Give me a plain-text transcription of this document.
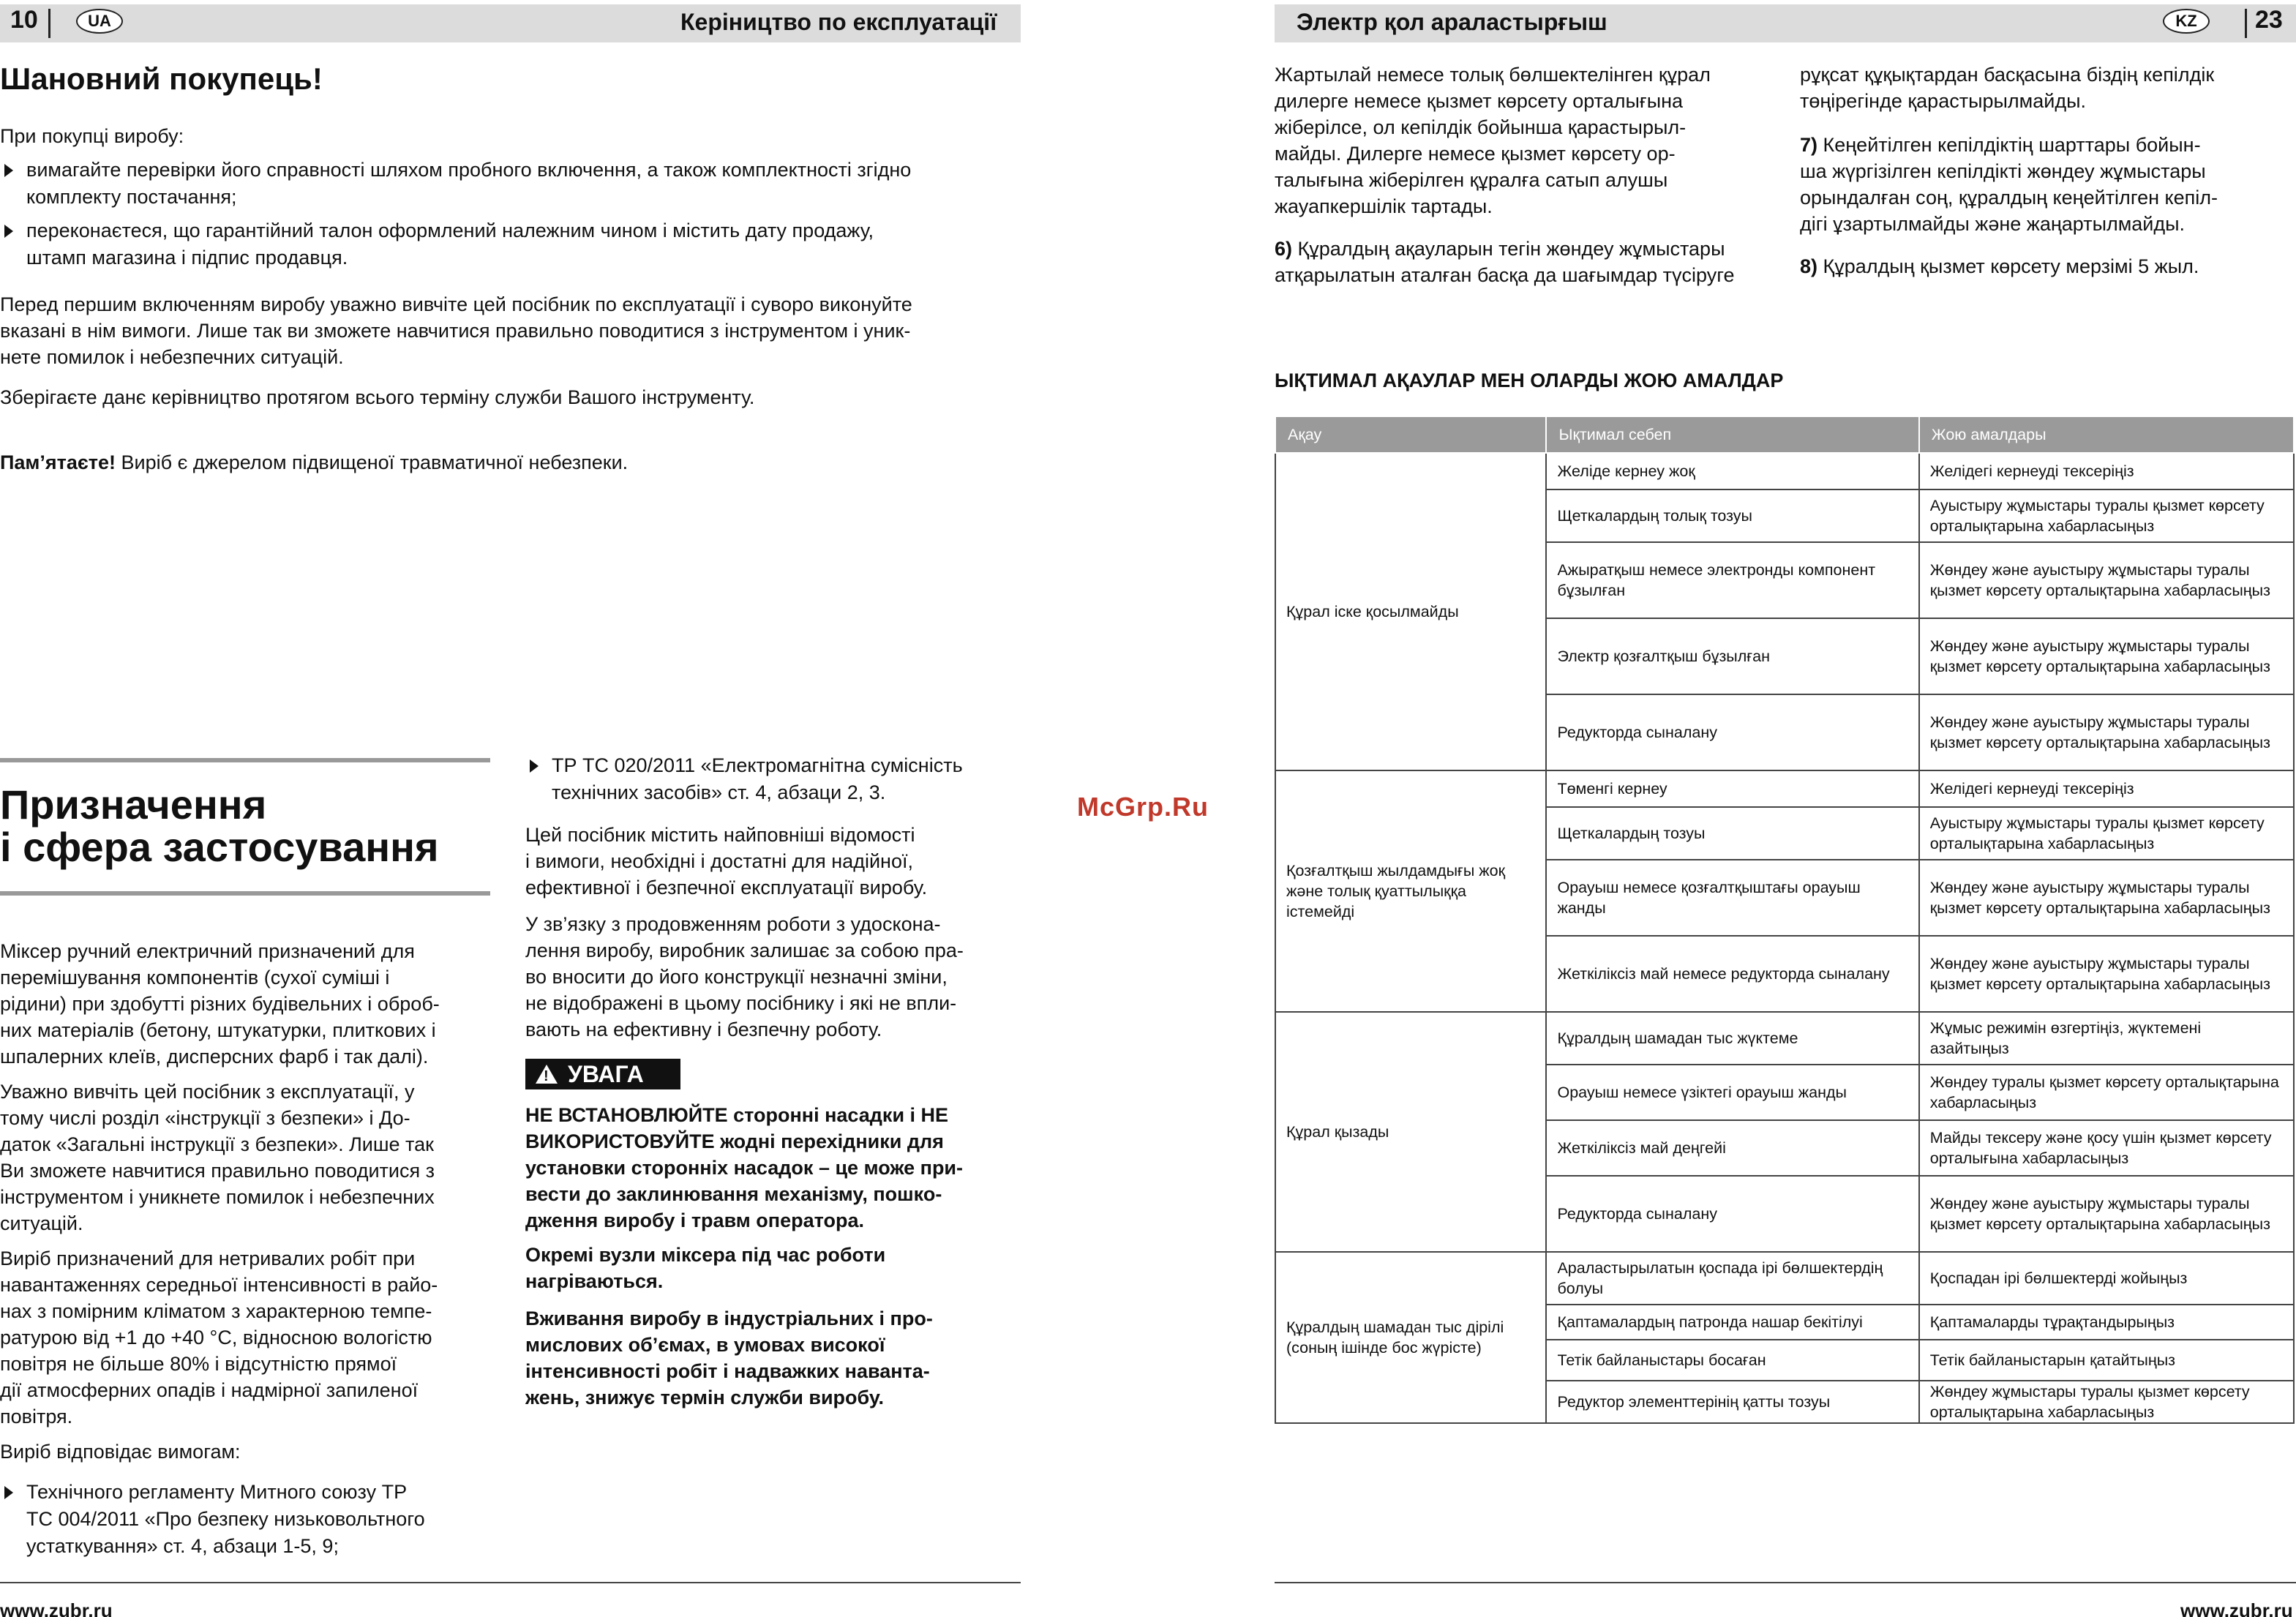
10	UA	Керіництво по експлуатації
Шановний покупець!
При покупці виробу:
вимагайте перевірки його справності шляхом пробного включення, а також комплектності згідно
комплекту постачання;
переконаєтеся, що гарантійний талон оформлений належним чином і містить дату продажу,
штамп магазина і підпис продавця.
Перед першим включенням виробу уважно вивчіте цей посібник по експлуатації і суворо виконуйте
вказані в нім вимоги. Лише так ви зможете навчитися правильно поводитися з інструментом і уник-
нете помилок і небезпечних ситуацій.
Зберігаєте данє керівництво протягом всього терміну служби Вашого інструменту.
Пам’ятаєте! Виріб є джерелом підвищеної травматичної небезпеки.
Призначення
і сфера застосування
Міксер ручний електричний призначений для
перемішування компонентів (сухої суміші і
рідини) при здобутті різних будівельних і оброб-
них матеріалів (бетону, штукатурки, плиткових і
шпалерних клеїв, дисперсних фарб і так далі).
Уважно вивчіть цей посібник з експлуатації, у
тому числі розділ «інструкції з безпеки» і До-
даток «Загальні інструкції з безпеки». Лише так
Ви зможете навчитися правильно поводитися з
інструментом і уникнете помилок і небезпечних
ситуацій.
Виріб призначений для нетривалих робіт при
навантаженнях середньої інтенсивності в райо-
нах з помірним кліматом з характерною темпе-
ратурою від +1 до +40 °С, відносною вологістю
повітря не більше 80% і відсутністю прямої
дії атмосферних опадів і надмірної запиленої
повітря.
Виріб відповідає вимогам:
Технічного регламенту Митного союзу ТР
ТС 004/2011 «Про безпеку низьковольтного
устаткування» ст. 4, абзаци 1-5, 9;
ТР ТС 020/2011 «Електромагнітна сумісність
технічних засобів» ст. 4, абзаци 2, 3.
Цей посібник містить найповніші відомості
і вимоги, необхідні і достатні для надійної,
ефективної і безпечної експлуатації виробу.
У зв’язку з продовженням роботи з удоскона-
лення виробу, виробник залишає за собою пра-
во вносити до його конструкції незначні зміни,
не відображені в цьому посібнику і які не впли-
вають на ефективну і безпечну роботу.
! УВАГА
НЕ ВСТАНОВЛЮЙТЕ сторонні насадки і НЕ
ВИКОРИСТОВУЙТЕ жодні перехідники для
установки сторонніх насадок – це може при-
вести до заклинювання механізму, пошко-
дження виробу і травм оператора.
Окремі вузли міксера під час роботи
нагріваються.
Вживання виробу в індустріальних і про-
мислових об’ємах, в умовах високої
інтенсивності робіт і надважких наванта-
жень, знижує термін служби виробу.
www.zubr.ru
McGrp.Ru
Электр қол араластырғыш	KZ	23
Жартылай немесе толық бөлшектелінген құрал
дилерге немесе қызмет көрсету орталығына
жіберілсе, ол кепілдік бойынша қарастырыл-
майды. Дилерге немесе қызмет көрсету ор-
талығына жіберілген құралға сатып алушы
жауапкершілік тартады.
6) Құралдың ақауларын тегін жөндеу жұмыстары
атқарылатын аталған басқа да шағымдар түсіруге
рұқсат құқықтардан басқасына біздің кепілдік
төңірегінде қарастырылмайды.
7) Кеңейтілген кепілдіктің шарттары бойын-
ша жүргізілген кепілдікті жөндеу жұмыстары
орындалған соң, құралдың кеңейтілген кепіл-
дігі ұзартылмайды және жаңартылмайды.
8) Құралдың қызмет көрсету мерзімі 5 жыл.
ЫҚТИМАЛ АҚАУЛАР МЕН ОЛАРДЫ ЖОЮ АМАЛДАР
Ақау	Ықтимал себеп	Жою амалдары
Құрал іске қосылмайды	Желіде кернеу жоқ	Желідегі кернеуді тексеріңіз
	Щеткалардың толық тозуы	Ауыстыру жұмыстары туралы қызмет көрсету орталықтарына хабарласыңыз
	Ажыратқыш немесе электронды компонент бұзылған	Жөндеу және ауыстыру жұмыстары туралы қызмет көрсету орталықтарына хабарласыңыз
	Электр қозғалтқыш бұзылған	Жөндеу және ауыстыру жұмыстары туралы қызмет көрсету орталықтарына хабарласыңыз
	Редукторда сыналану	Жөндеу және ауыстыру жұмыстары туралы қызмет көрсету орталықтарына хабарласыңыз
Қозғалтқыш жылдамдығы жоқ және толық қуаттылыққа істемейді	Төменгі кернеу	Желідегі кернеуді тексеріңіз
	Щеткалардың тозуы	Ауыстыру жұмыстары туралы қызмет көрсету орталықтарына хабарласыңыз
	Орауыш немесе қозғалтқыштағы орауыш жанды	Жөндеу және ауыстыру жұмыстары туралы қызмет көрсету орталықтарына хабарласыңыз
	Жеткіліксіз май немесе редукторда сыналану	Жөндеу және ауыстыру жұмыстары туралы қызмет көрсету орталықтарына хабарласыңыз
Құрал қызады	Құралдың шамадан тыс жүктеме	Жұмыс режимін өзгертіңіз, жүктемені азайтыңыз
	Орауыш немесе үзіктегі орауыш жанды	Жөндеу туралы қызмет көрсету орталықтарына хабарласыңыз
	Жеткіліксіз май деңгейі	Майды тексеру және қосу үшін қызмет көрсету орталығына хабарласыңыз
	Редукторда сыналану	Жөндеу және ауыстыру жұмыстары туралы қызмет көрсету орталықтарына хабарласыңыз
Құралдың шамадан тыс дірілі (соның ішінде бос жүрісте)	Араластырылатын қоспада ірі бөлшектердің болуы	Қоспадан ірі бөлшектерді жойыңыз
	Қаптамалардың патронда нашар бекітілуі	Қаптамаларды тұрақтандырыңыз
	Тетік байланыстары босаған	Тетік байланыстарын қатайтыңыз
	Редуктор элементтерінің қатты тозуы	Жөндеу жұмыстары туралы қызмет көрсету орталықтарына хабарласыңыз
www.zubr.ru
